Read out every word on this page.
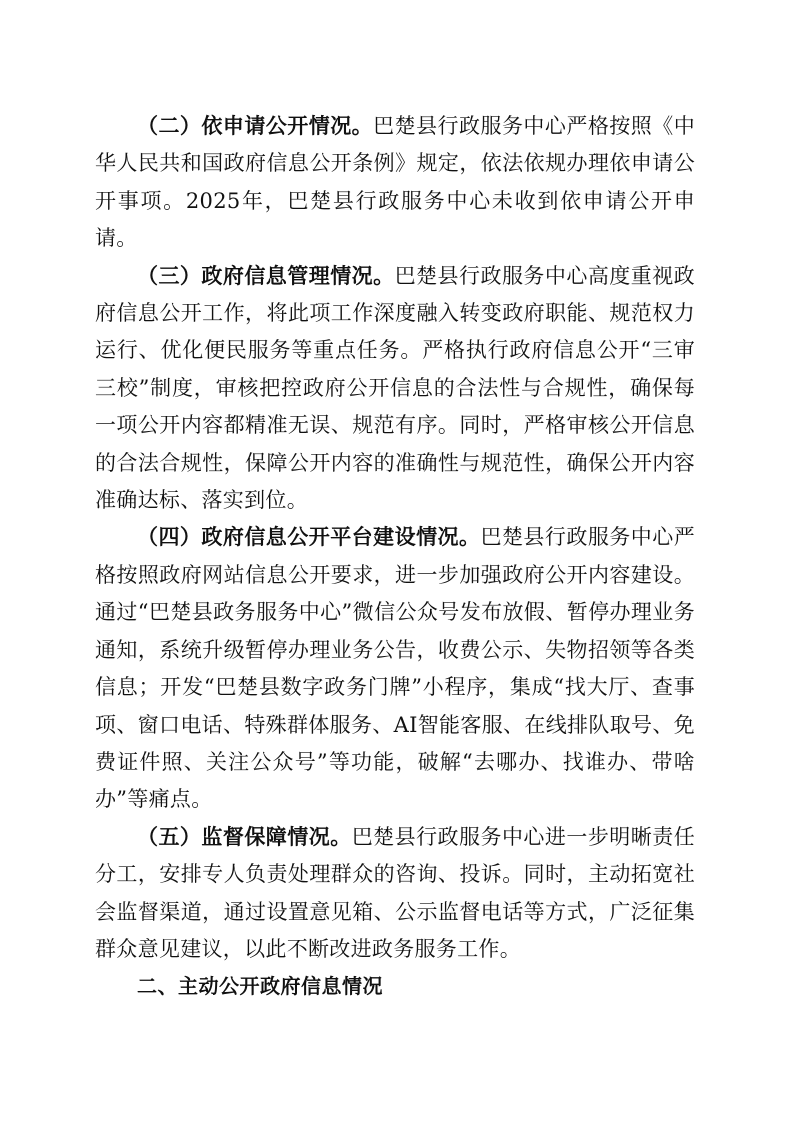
（二）依申请公开情况。巴楚县行政服务中心严格按照《中华人民共和国政府信息公开条例》规定，依法依规办理依申请公开事项。2025年，巴楚县行政服务中心未收到依申请公开申请。

（三）政府信息管理情况。巴楚县行政服务中心高度重视政府信息公开工作，将此项工作深度融入转变政府职能、规范权力运行、优化便民服务等重点任务。严格执行政府信息公开“三审三校”制度，审核把控政府公开信息的合法性与合规性，确保每一项公开内容都精准无误、规范有序。同时，严格审核公开信息的合法合规性，保障公开内容的准确性与规范性，确保公开内容准确达标、落实到位。

（四）政府信息公开平台建设情况。巴楚县行政服务中心严格按照政府网站信息公开要求，进一步加强政府公开内容建设。通过“巴楚县政务服务中心”微信公众号发布放假、暂停办理业务通知，系统升级暂停办理业务公告，收费公示、失物招领等各类信息；开发“巴楚县数字政务门牌”小程序，集成“找大厅、查事项、窗口电话、特殊群体服务、AI智能客服、在线排队取号、免费证件照、关注公众号”等功能，破解“去哪办、找谁办、带啥办”等痛点。

（五）监督保障情况。巴楚县行政服务中心进一步明晰责任分工，安排专人负责处理群众的咨询、投诉。同时，主动拓宽社会监督渠道，通过设置意见箱、公示监督电话等方式，广泛征集群众意见建议，以此不断改进政务服务工作。

二、主动公开政府信息情况
